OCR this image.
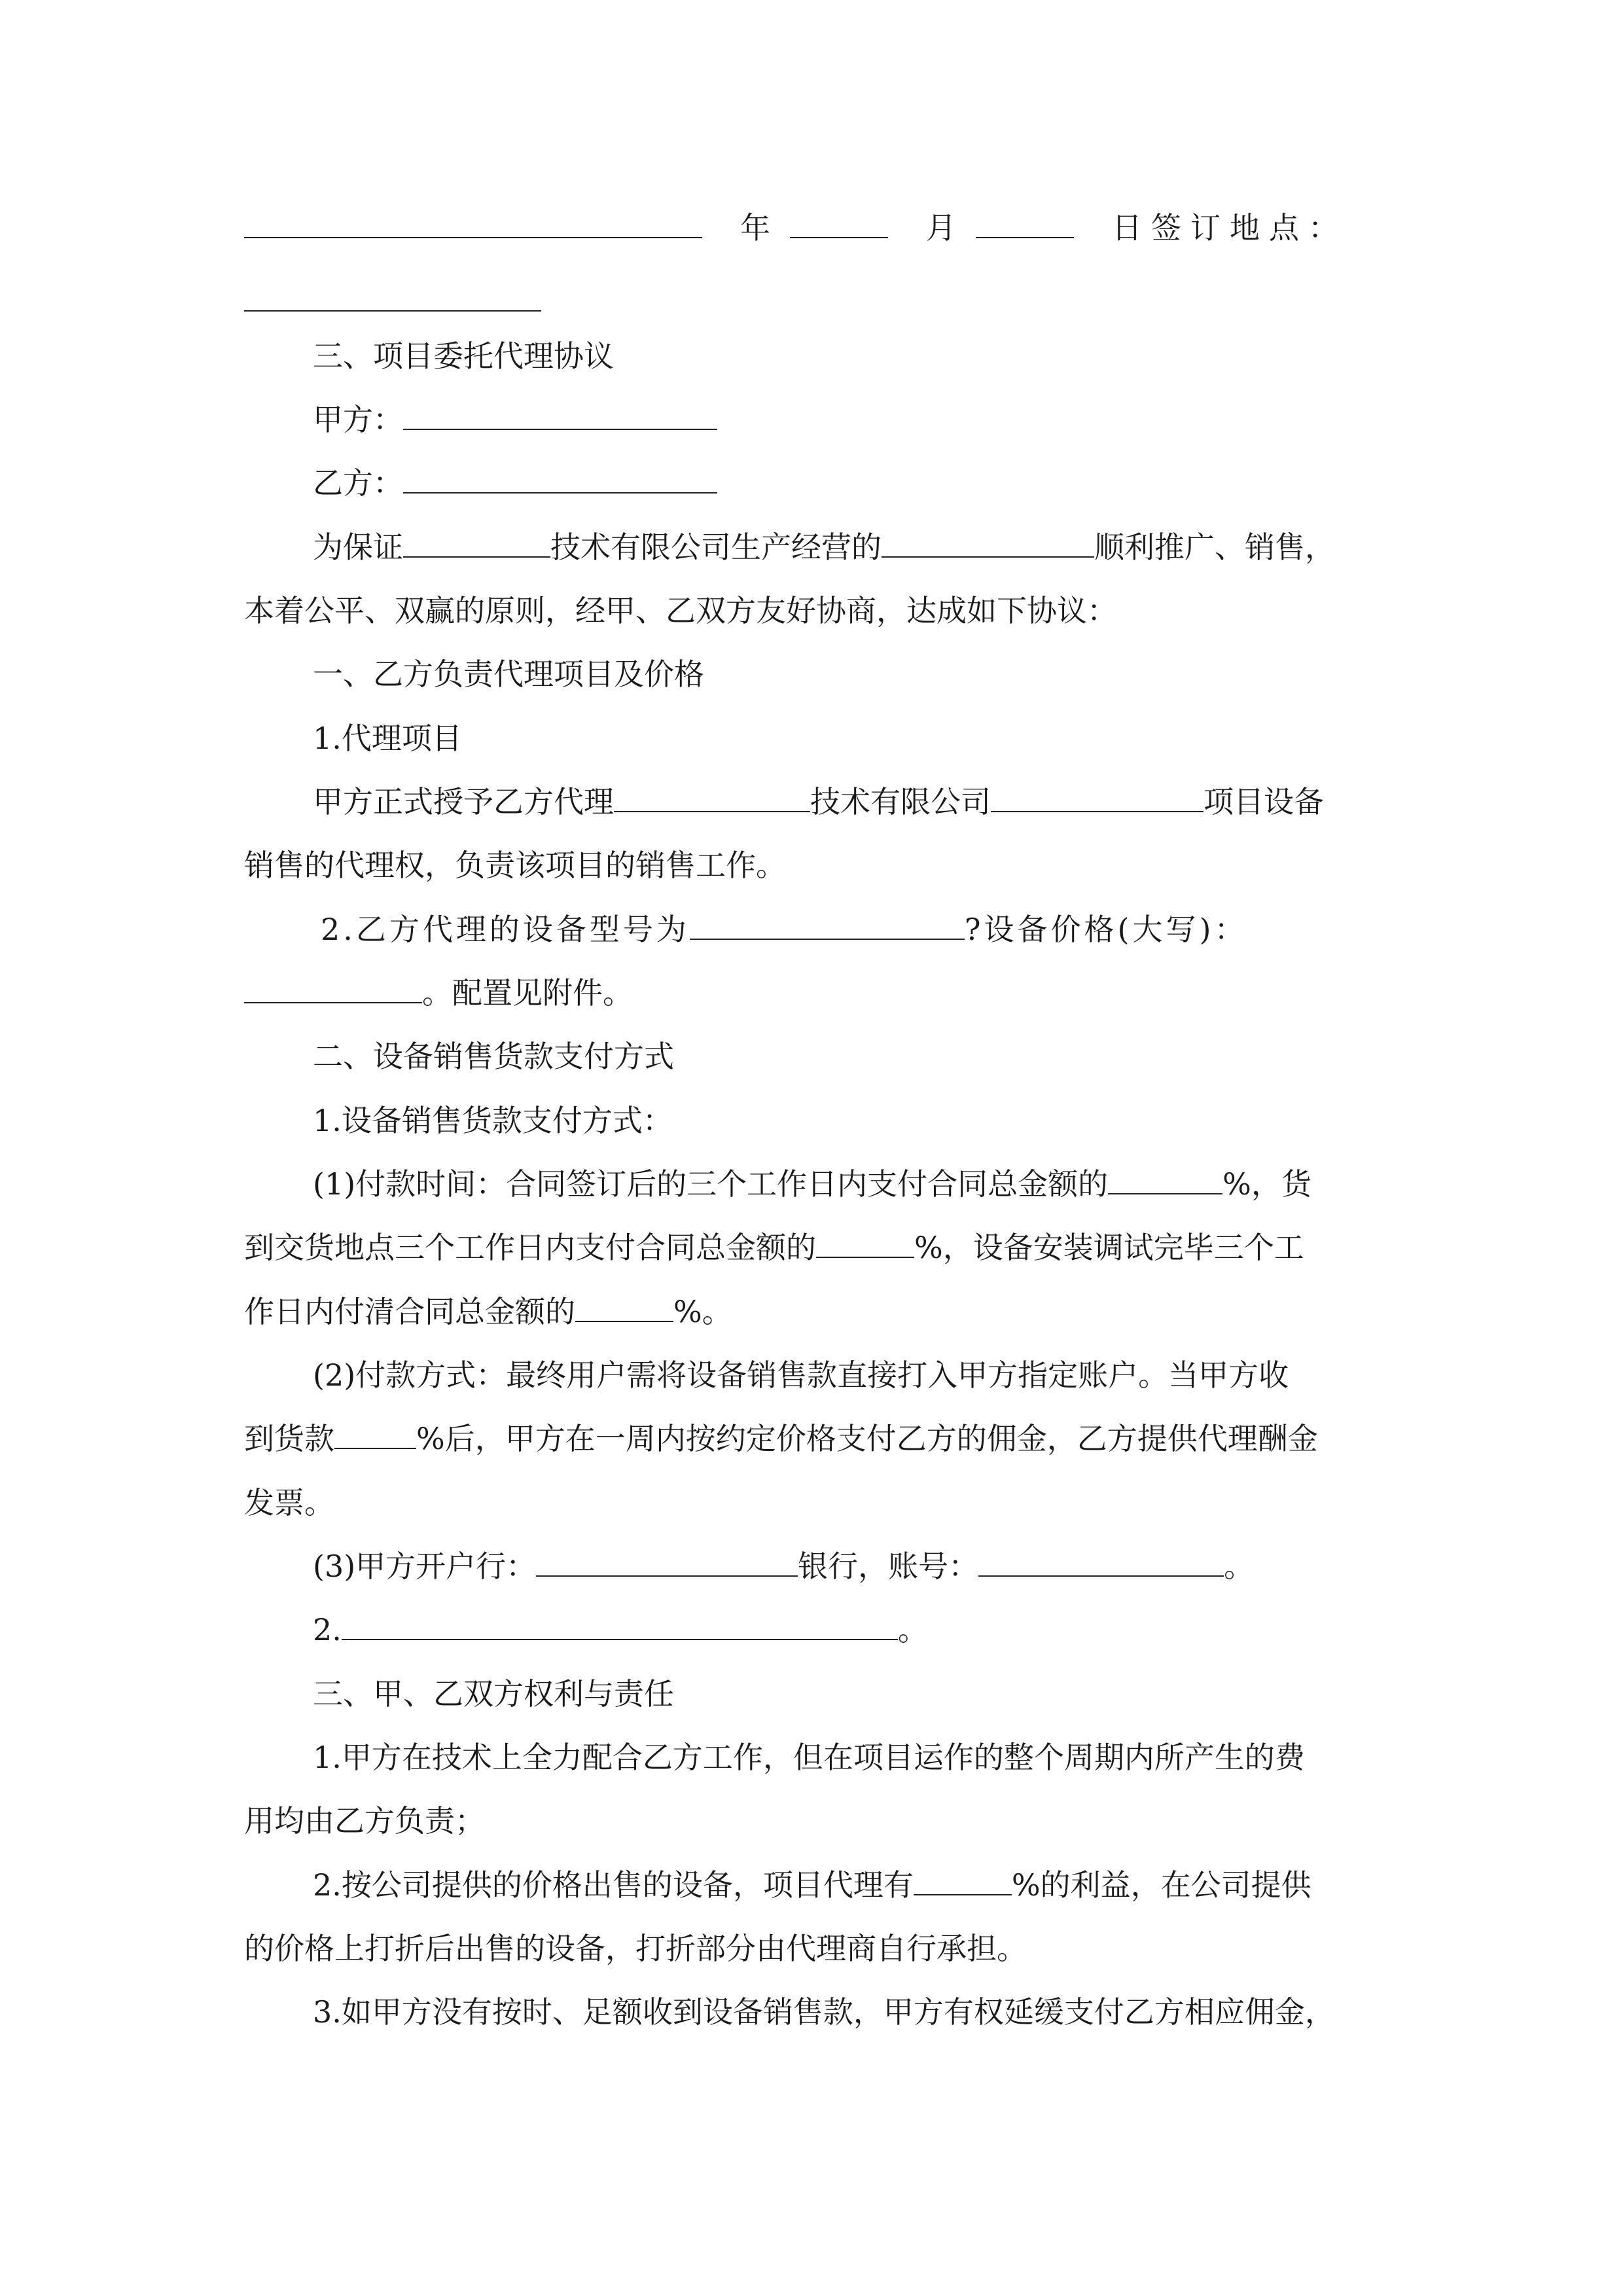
年	月	日签订地点：
三、项目委托代理协议
甲方：
乙方：
为保证	技术有限公司生产经营的	顺利推广、销售，
本着公平、双赢的原则，经甲、乙双方友好协商，达成如下协议：
一、乙方负责代理项目及价格
1.代理项目
甲方正式授予乙方代理	技术有限公司	项目设备
销售的代理权，负责该项目的销售工作。
2.乙方代理的设备型号为	?设备价格(大写)：
。配置见附件。
二、设备销售货款支付方式
1.设备销售货款支付方式：
(1)付款时间：合同签订后的三个工作日内支付合同总金额的	%，货
到交货地点三个工作日内支付合同总金额的	%，设备安装调试完毕三个工
作日内付清合同总金额的	%。
(2)付款方式：最终用户需将设备销售款直接打入甲方指定账户。当甲方收
到货款	%后，甲方在一周内按约定价格支付乙方的佣金，乙方提供代理酬金
发票。
(3)甲方开户行：	银行，账号：	。
2.	。
三、甲、乙双方权利与责任
1.甲方在技术上全力配合乙方工作，但在项目运作的整个周期内所产生的费
用均由乙方负责；
2.按公司提供的价格出售的设备，项目代理有	%的利益，在公司提供
的价格上打折后出售的设备，打折部分由代理商自行承担。
3.如甲方没有按时、足额收到设备销售款，甲方有权延缓支付乙方相应佣金，
